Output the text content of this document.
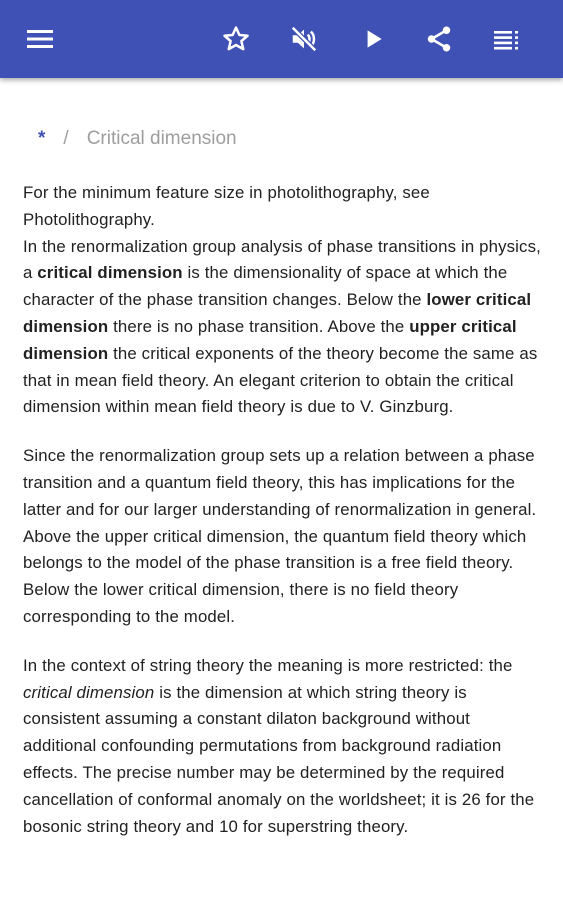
* / Critical dimension

For the minimum feature size in photolithography, see Photolithography.
In the renormalization group analysis of phase transitions in physics, a critical dimension is the dimensionality of space at which the character of the phase transition changes. Below the lower critical dimension there is no phase transition. Above the upper critical dimension the critical exponents of the theory become the same as that in mean field theory. An elegant criterion to obtain the critical dimension within mean field theory is due to V. Ginzburg.

Since the renormalization group sets up a relation between a phase transition and a quantum field theory, this has implications for the latter and for our larger understanding of renormalization in general. Above the upper critical dimension, the quantum field theory which belongs to the model of the phase transition is a free field theory. Below the lower critical dimension, there is no field theory corresponding to the model.

In the context of string theory the meaning is more restricted: the critical dimension is the dimension at which string theory is consistent assuming a constant dilaton background without additional confounding permutations from background radiation effects. The precise number may be determined by the required cancellation of conformal anomaly on the worldsheet; it is 26 for the bosonic string theory and 10 for superstring theory.
